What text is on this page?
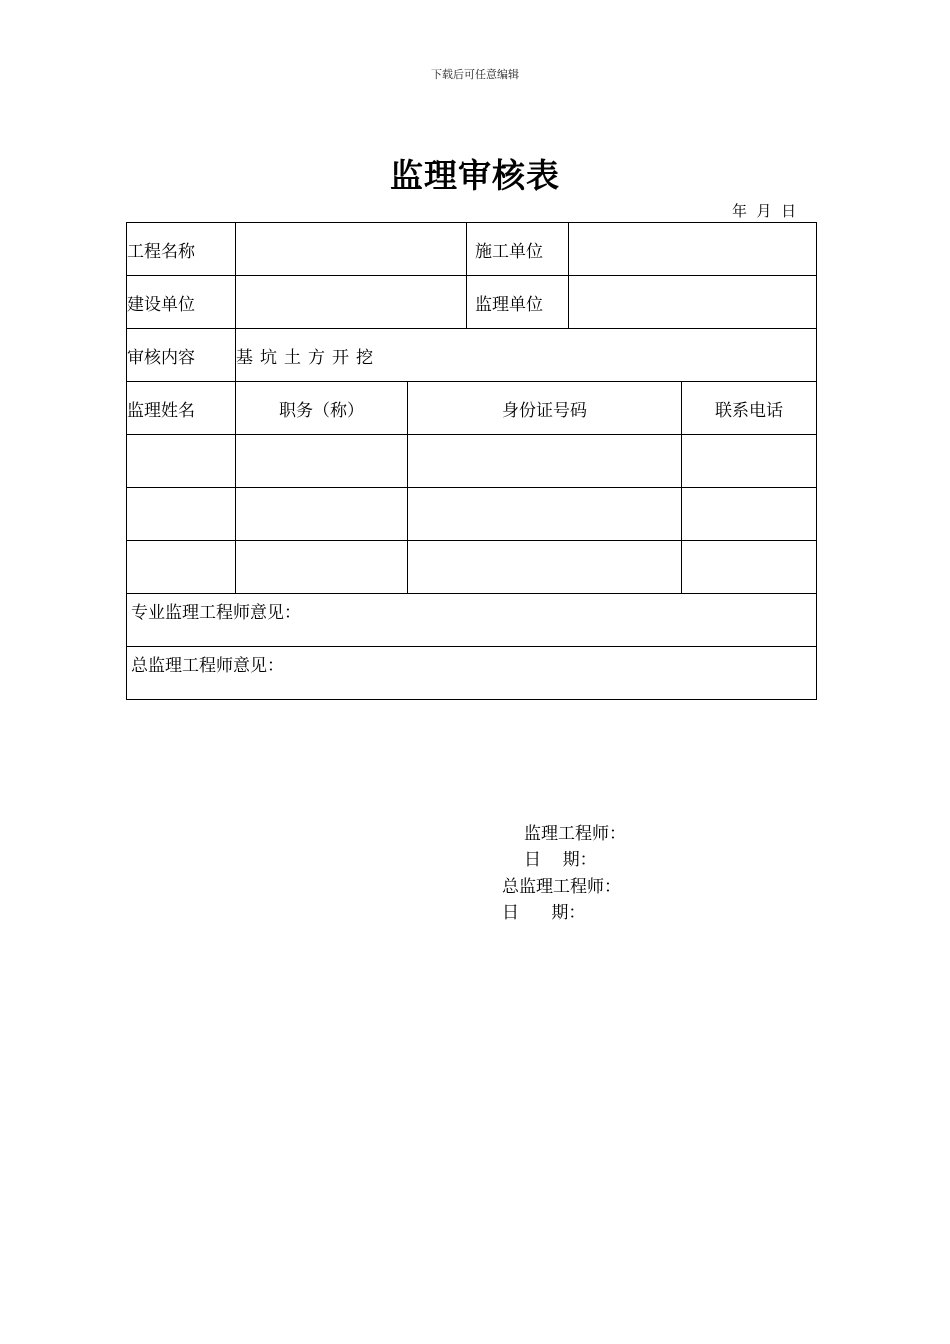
下载后可任意编辑
监理审核表
年  月  日
工程名称			施工单位		
建设单位			监理单位		
审核内容	基坑土方开挖				
监理姓名	职务（称）	身份证号码			联系电话

专业监理工程师意见：
监理工程师：
日    期：					

总监理工程师意见：
总监理工程师：
日      期：					
